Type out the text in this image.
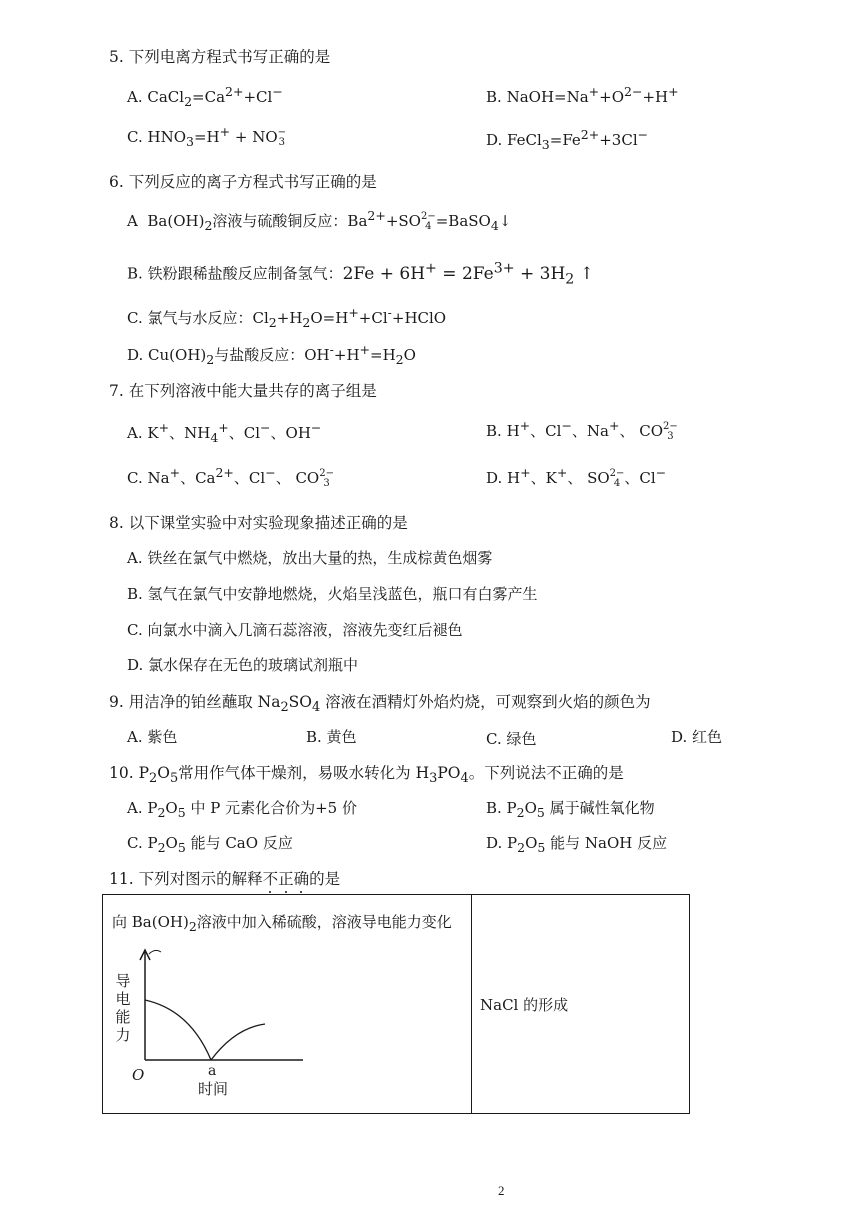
5. 下列电离方程式书写正确的是
A. $CaCl_2=Ca^{2+}+Cl^-$	B. $NaOH=Na^++O^{2-}+H^+$
C. $HNO_3=H^+$ + NO −
3	D. $FeCl_3=Fe^{2+}+3Cl^-$
6. 下列反应的离子方程式书写正确的是
A $Ba(OH)_2$溶液与硫酸铜反应：$Ba^{2+}+SO$ 2−
4 =BaSO$_4$↓
B. 铁粉跟稀盐酸反应制备氢气：$2Fe + 6H^+ = 2Fe^{3+} + 3H_2$ ↑
C. 氯气与水反应：$Cl_2+H_2O=H^++Cl^-+HClO$
D. $Cu(OH)_2$与盐酸反应：$OH^-+H^+=H_2O$
7. 在下列溶液中能大量共存的离子组是
A. K+、$NH_4^+$、Cl−、OH−	B. H+、Cl−、Na+、 CO 2−
3
C. Na+、$Ca^{2+}$、Cl−、 CO 2−
3	D. H+、K+、 SO 2−
4 、Cl−
8. 以下课堂实验中对实验现象描述正确的是
A. 铁丝在氯气中燃烧，放出大量的热，生成棕黄色烟雾
B. 氢气在氯气中安静地燃烧，火焰呈浅蓝色，瓶口有白雾产生
C. 向氯水中滴入几滴石蕊溶液，溶液先变红后褪色
D. 氯水保存在无色的玻璃试剂瓶中
9. 用洁净的铂丝蘸取 $Na_2SO_4$ 溶液在酒精灯外焰灼烧，可观察到火焰的颜色为
A. 紫色	B. 黄色	C. 绿色	D. 红色
10. $P_2O_5$常用作气体干燥剂，易吸水转化为 $H_3PO_4$。下列说法不正确的是
A. $P_2O_5$ 中 P 元素化合价为+5 价	B. $P_2O_5$ 属于碱性氧化物
C. $P_2O_5$ 能与 CaO 反应	D. $P_2O_5$ 能与 NaOH 反应
11. 下列对图示的解释不正确的是
向 $Ba(OH)_2$溶液中加入稀硫酸，溶液导电能力变化
导电能力
O	a
时间
NaCl 的形成
2
